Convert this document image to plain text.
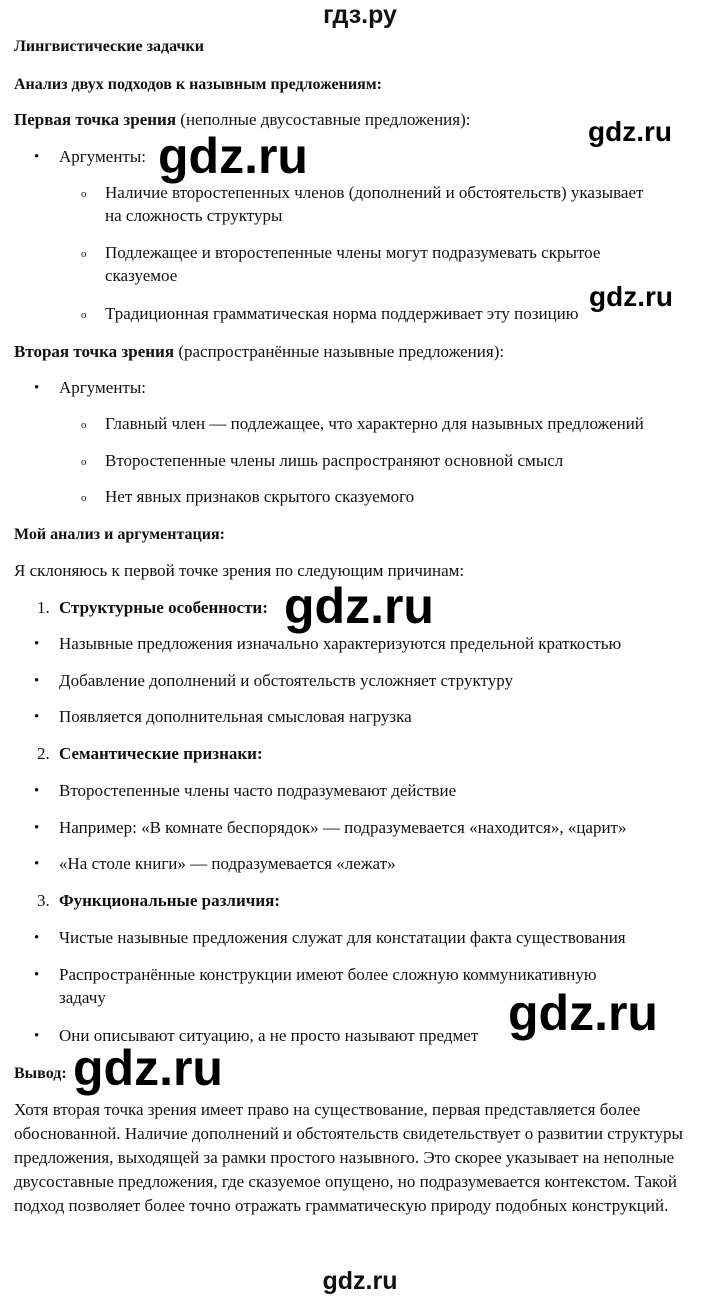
гдз.ру
Лингвистические задачки
Анализ двух подходов к назывным предложениям:
Первая точка зрения (неполные двусоставные предложения):
• Аргументы:
o Наличие второстепенных членов (дополнений и обстоятельств) указывает
на сложность структуры
o Подлежащее и второстепенные члены могут подразумевать скрытое
сказуемое
o Традиционная грамматическая норма поддерживает эту позицию
Вторая точка зрения (распространённые назывные предложения):
• Аргументы:
o Главный член — подлежащее, что характерно для назывных предложений
o Второстепенные члены лишь распространяют основной смысл
o Нет явных признаков скрытого сказуемого
Мой анализ и аргументация:
Я склоняюсь к первой точке зрения по следующим причинам:
1. Структурные особенности:
• Назывные предложения изначально характеризуются предельной краткостью
• Добавление дополнений и обстоятельств усложняет структуру
• Появляется дополнительная смысловая нагрузка
2. Семантические признаки:
• Второстепенные члены часто подразумевают действие
• Например: «В комнате беспорядок» — подразумевается «находится», «царит»
• «На столе книги» — подразумевается «лежат»
3. Функциональные различия:
• Чистые назывные предложения служат для констатации факта существования
• Распространённые конструкции имеют более сложную коммуникативную
задачу
• Они описывают ситуацию, а не просто называют предмет
Вывод:
Хотя вторая точка зрения имеет право на существование, первая представляется более обоснованной. Наличие дополнений и обстоятельств свидетельствует о развитии структуры предложения, выходящей за рамки простого назывного. Это скорее указывает на неполные двусоставные предложения, где сказуемое опущено, но подразумевается контекстом. Такой подход позволяет более точно отражать грамматическую природу подобных конструкций.
gdz.ru
gdz.ru
gdz.ru
gdz.ru
gdz.ru
gdz.ru
gdz.ru
